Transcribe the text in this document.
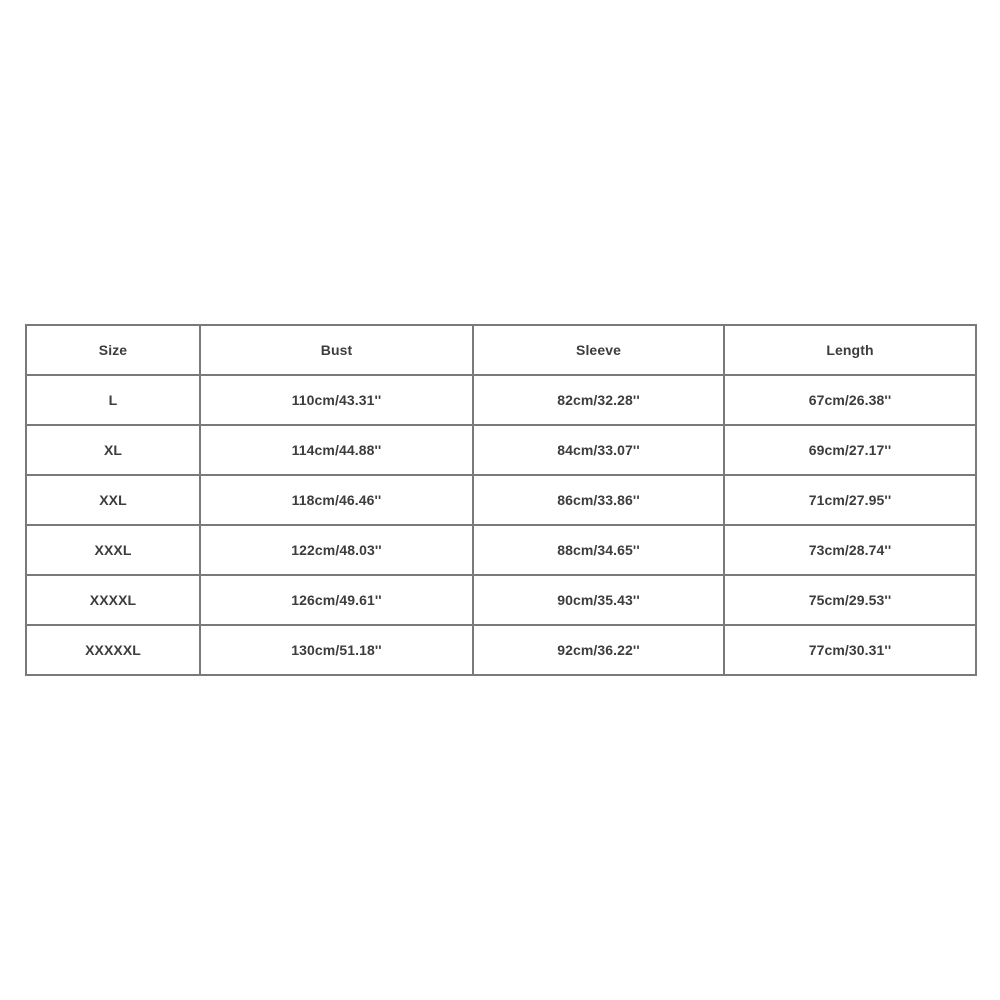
Size	Bust	Sleeve	Length
L	110cm/43.31''	82cm/32.28''	67cm/26.38''
XL	114cm/44.88''	84cm/33.07''	69cm/27.17''
XXL	118cm/46.46''	86cm/33.86''	71cm/27.95''
XXXL	122cm/48.03''	88cm/34.65''	73cm/28.74''
XXXXL	126cm/49.61''	90cm/35.43''	75cm/29.53''
XXXXXL	130cm/51.18''	92cm/36.22''	77cm/30.31''
